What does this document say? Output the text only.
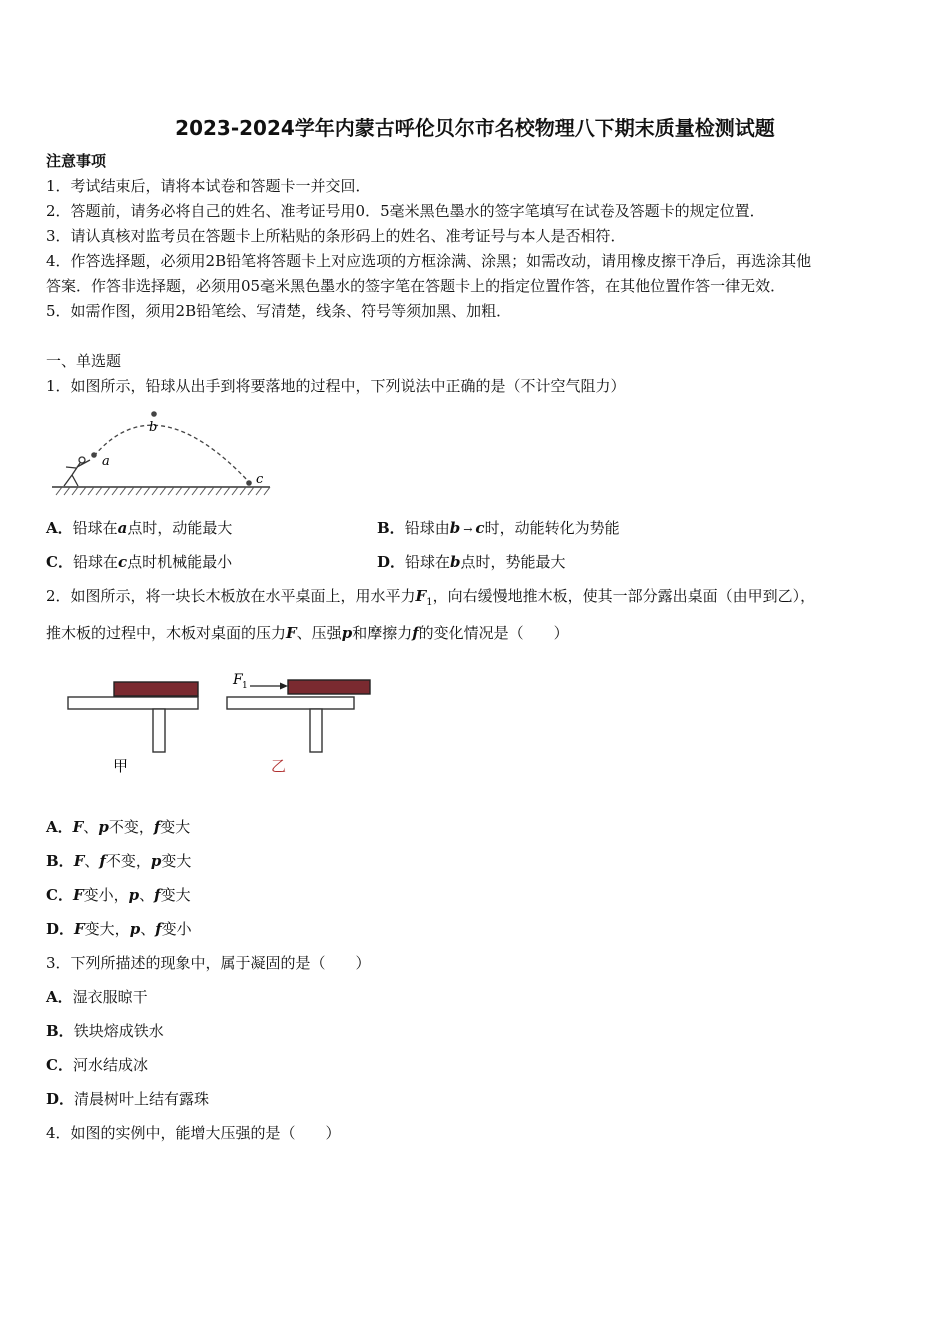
2023-2024学年内蒙古呼伦贝尔市名校物理八下期末质量检测试题
注意事项
1．考试结束后，请将本试卷和答题卡一并交回．
2．答题前，请务必将自己的姓名、准考证号用0．5毫米黑色墨水的签字笔填写在试卷及答题卡的规定位置．
3．请认真核对监考员在答题卡上所粘贴的条形码上的姓名、准考证号与本人是否相符．
4．作答选择题，必须用2B铅笔将答题卡上对应选项的方框涂满、涂黑；如需改动，请用橡皮擦干净后，再选涂其他
答案．作答非选择题，必须用05毫米黑色墨水的签字笔在答题卡上的指定位置作答，在其他位置作答一律无效．
5．如需作图，须用2B铅笔绘、写清楚，线条、符号等须加黑、加粗．
一、单选题
1．如图所示，铅球从出手到将要落地的过程中，下列说法中正确的是（不计空气阻力）
a
b
c
A．铅球在a点时，动能最大	B．铅球由b → c时，动能转化为势能
C．铅球在c点时机械能最小	D．铅球在b点时，势能最大
2．如图所示，将一块长木板放在水平桌面上，用水平力$F_1$，向右缓慢地推木板，使其一部分露出桌面（由甲到乙），
推木板的过程中，木板对桌面的压力F、压强p和摩擦力f的变化情况是（　　）
甲
F 1
乙
A．F、p不变，f变大
B．F、f不变，p变大
C．F变小，p、f变大
D．F变大，p、f变小
3．下列所描述的现象中，属于凝固的是（　　）
A．湿衣服晾干
B．铁块熔成铁水
C．河水结成冰
D．清晨树叶上结有露珠
4．如图的实例中，能增大压强的是（　　）
